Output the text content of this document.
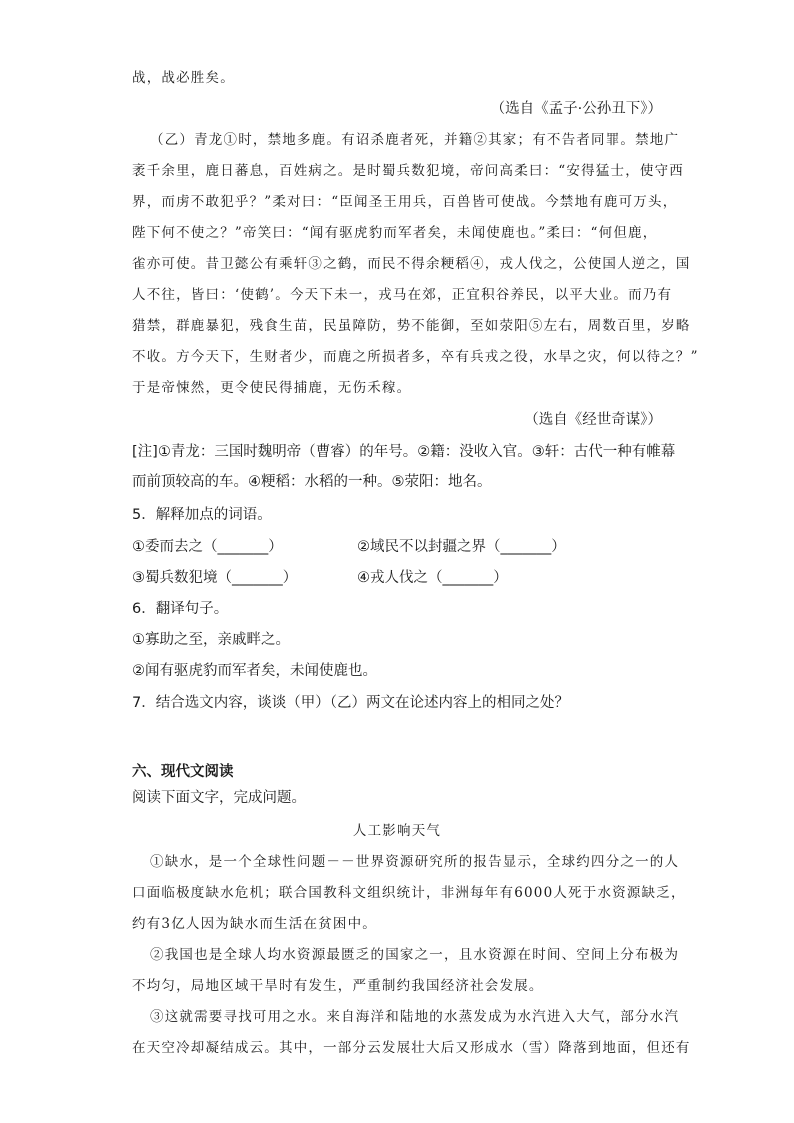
战，战必胜矣。
（选自《孟子·公孙丑下》）
（乙）青龙①时，禁地多鹿。有诏杀鹿者死，并籍②其家；有不告者同罪。禁地广
袤千余里，鹿日蕃息，百姓病之。是时蜀兵数犯境，帝问高柔曰：“安得猛士，使守西
界，而虏不敢犯乎？”柔对曰：“臣闻圣王用兵，百兽皆可使战。今禁地有鹿可万头，
陛下何不使之？”帝笑曰：“闻有驱虎豹而军者矣，未闻使鹿也。”柔曰：“何但鹿，
雀亦可使。昔卫懿公有乘轩③之鹤，而民不得余粳稻④，戎人伐之，公使国人逆之，国
人不往，皆曰：‘使鹤’。今天下未一，戎马在郊，正宜积谷养民，以平大业。而乃有
猎禁，群鹿暴犯，残食生苗，民虽障防，势不能御，至如荥阳⑤左右，周数百里，岁略
不收。方今天下，生财者少，而鹿之所损者多，卒有兵戎之役，水旱之灾，何以待之？”
于是帝悚然，更令使民得捕鹿，无伤禾稼。
（选自《经世奇谋》）
[注]①青龙：三国时魏明帝（曹睿）的年号。②籍：没收入官。③轩：古代一种有帷幕
而前顶较高的车。④粳稻：水稻的一种。⑤荥阳：地名。
5．解释加点的词语。
①委而去之（_______）	②域民不以封疆之界（_______）
③蜀兵数犯境（_______）	④戎人伐之（_______）
6．翻译句子。
①寡助之至，亲戚畔之。
②闻有驱虎豹而军者矣，未闻使鹿也。
7．结合选文内容，谈谈（甲）（乙）两文在论述内容上的相同之处？
六、现代文阅读
阅读下面文字，完成问题。
人工影响天气
①缺水，是一个全球性问题－－世界资源研究所的报告显示，全球约四分之一的人
口面临极度缺水危机；联合国教科文组织统计，非洲每年有6000人死于水资源缺乏，
约有3亿人因为缺水而生活在贫困中。
②我国也是全球人均水资源最匮乏的国家之一，且水资源在时间、空间上分布极为
不均匀，局地区域干旱时有发生，严重制约我国经济社会发展。
③这就需要寻找可用之水。来自海洋和陆地的水蒸发成为水汽进入大气，部分水汽
在天空冷却凝结成云。其中，一部分云发展壮大后又形成水（雪）降落到地面，但还有
